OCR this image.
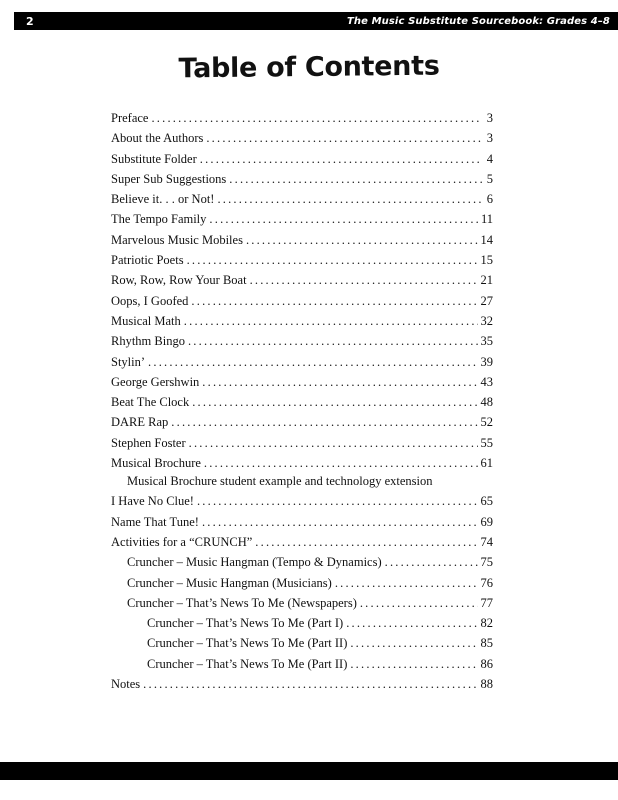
2	The Music Substitute Sourcebook: Grades 4–8
Table of Contents
Preface .....	3
About the Authors .....	3
Substitute Folder .....	4
Super Sub Suggestions .....	5
Believe it. . . or Not! .....	6
The Tempo Family .....	11
Marvelous Music Mobiles .....	14
Patriotic Poets .....	15
Row, Row, Row Your Boat .....	21
Oops, I Goofed .....	27
Musical Math .....	32
Rhythm Bingo .....	35
Stylin’ .....	39
George Gershwin .....	43
Beat The Clock .....	48
DARE Rap .....	52
Stephen Foster .....	55
Musical Brochure .....	61
Musical Brochure student example and technology extension
I Have No Clue! .....	65
Name That Tune! .....	69
Activities for a “CRUNCH” .....	74
Cruncher – Music Hangman (Tempo & Dynamics) .....	75
Cruncher – Music Hangman (Musicians) .....	76
Cruncher – That’s News To Me (Newspapers) .....	77
Cruncher – That’s News To Me (Part I) .....	82
Cruncher – That’s News To Me (Part II) .....	85
Cruncher – That’s News To Me (Part II) .....	86
Notes .....	88
